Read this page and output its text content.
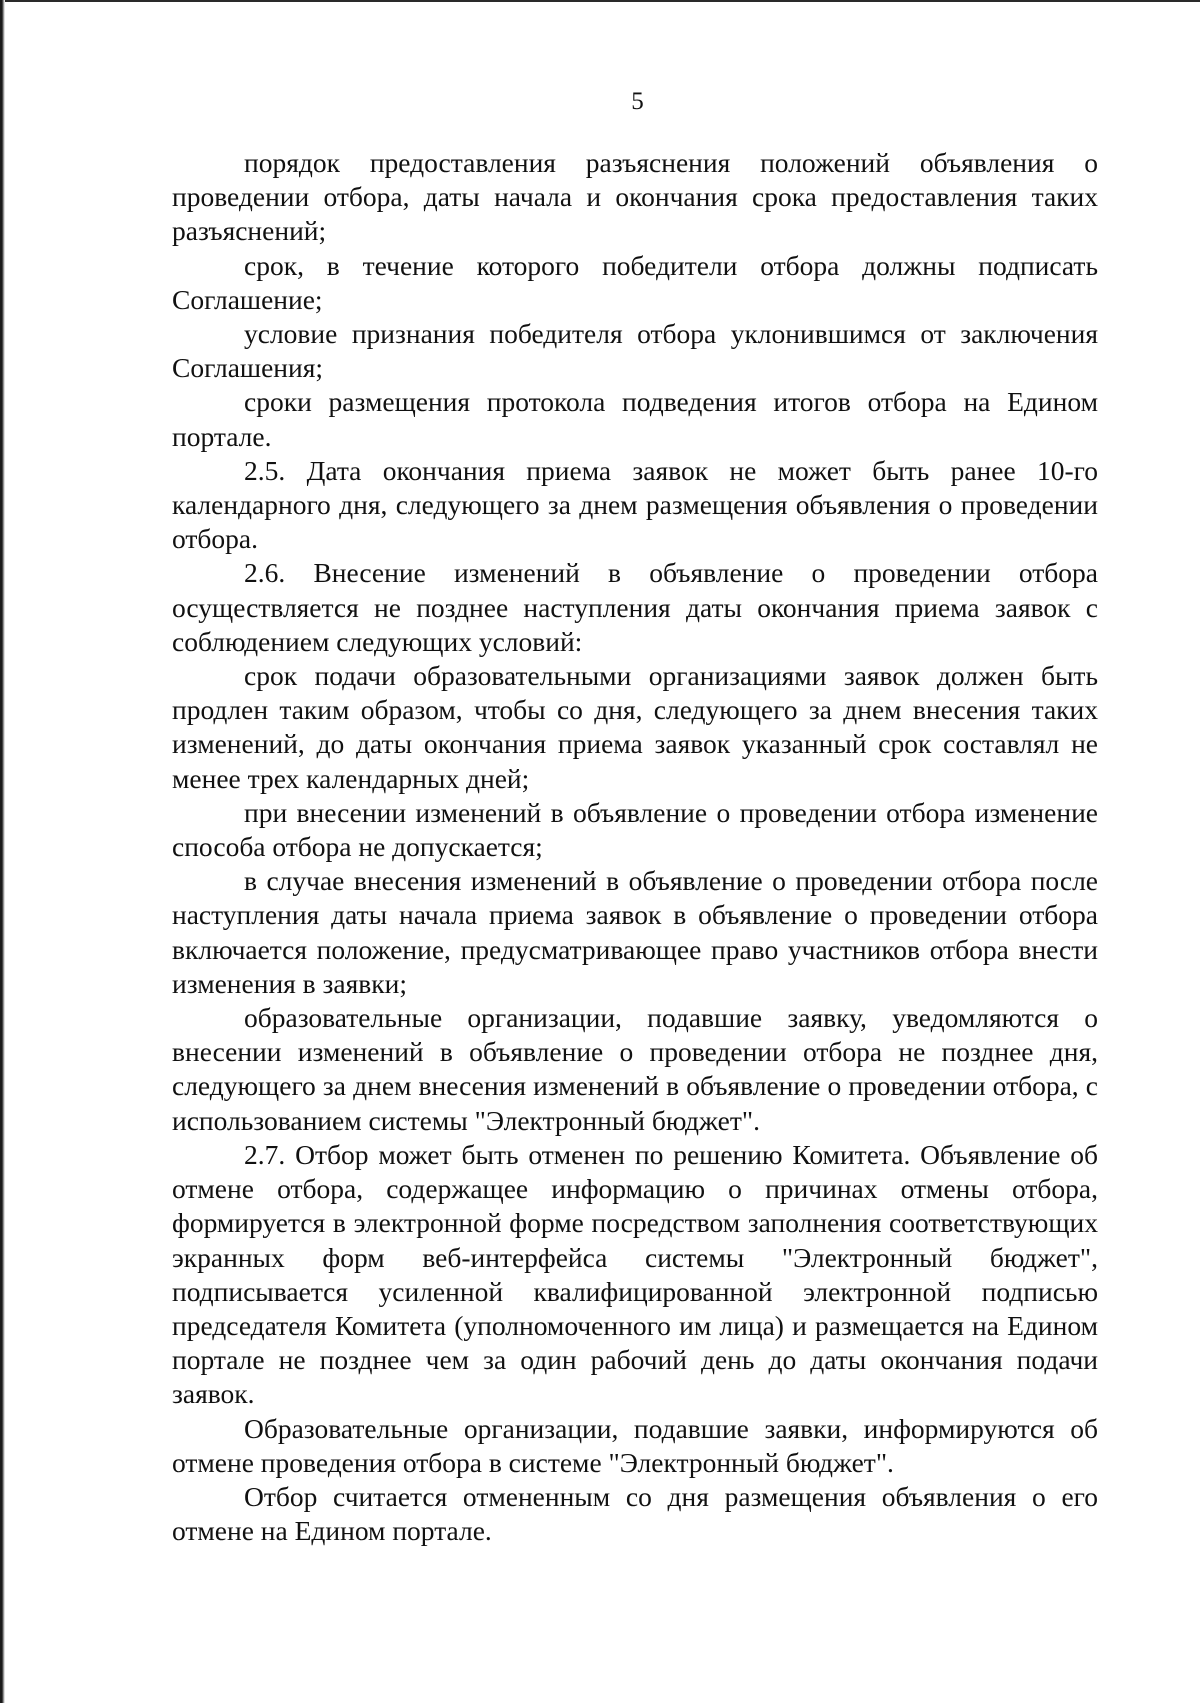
5

порядок предоставления разъяснения положений объявления о проведении отбора, даты начала и окончания срока предоставления таких разъяснений;

срок, в течение которого победители отбора должны подписать Соглашение;

условие признания победителя отбора уклонившимся от заключения Соглашения;

сроки размещения протокола подведения итогов отбора на Едином портале.

2.5. Дата окончания приема заявок не может быть ранее 10-го календарного дня, следующего за днем размещения объявления о проведении отбора.

2.6. Внесение изменений в объявление о проведении отбора осуществляется не позднее наступления даты окончания приема заявок с соблюдением следующих условий:

срок подачи образовательными организациями заявок должен быть продлен таким образом, чтобы со дня, следующего за днем внесения таких изменений, до даты окончания приема заявок указанный срок составлял не менее трех календарных дней;

при внесении изменений в объявление о проведении отбора изменение способа отбора не допускается;

в случае внесения изменений в объявление о проведении отбора после наступления даты начала приема заявок в объявление о проведении отбора включается положение, предусматривающее право участников отбора внести изменения в заявки;

образовательные организации, подавшие заявку, уведомляются о внесении изменений в объявление о проведении отбора не позднее дня, следующего за днем внесения изменений в объявление о проведении отбора, с использованием системы "Электронный бюджет".

2.7. Отбор может быть отменен по решению Комитета. Объявление об отмене отбора, содержащее информацию о причинах отмены отбора, формируется в электронной форме посредством заполнения соответствующих экранных форм веб-интерфейса системы "Электронный бюджет", подписывается усиленной квалифицированной электронной подписью председателя Комитета (уполномоченного им лица) и размещается на Едином портале не позднее чем за один рабочий день до даты окончания подачи заявок.

Образовательные организации, подавшие заявки, информируются об отмене проведения отбора в системе "Электронный бюджет".

Отбор считается отмененным со дня размещения объявления о его отмене на Едином портале.
